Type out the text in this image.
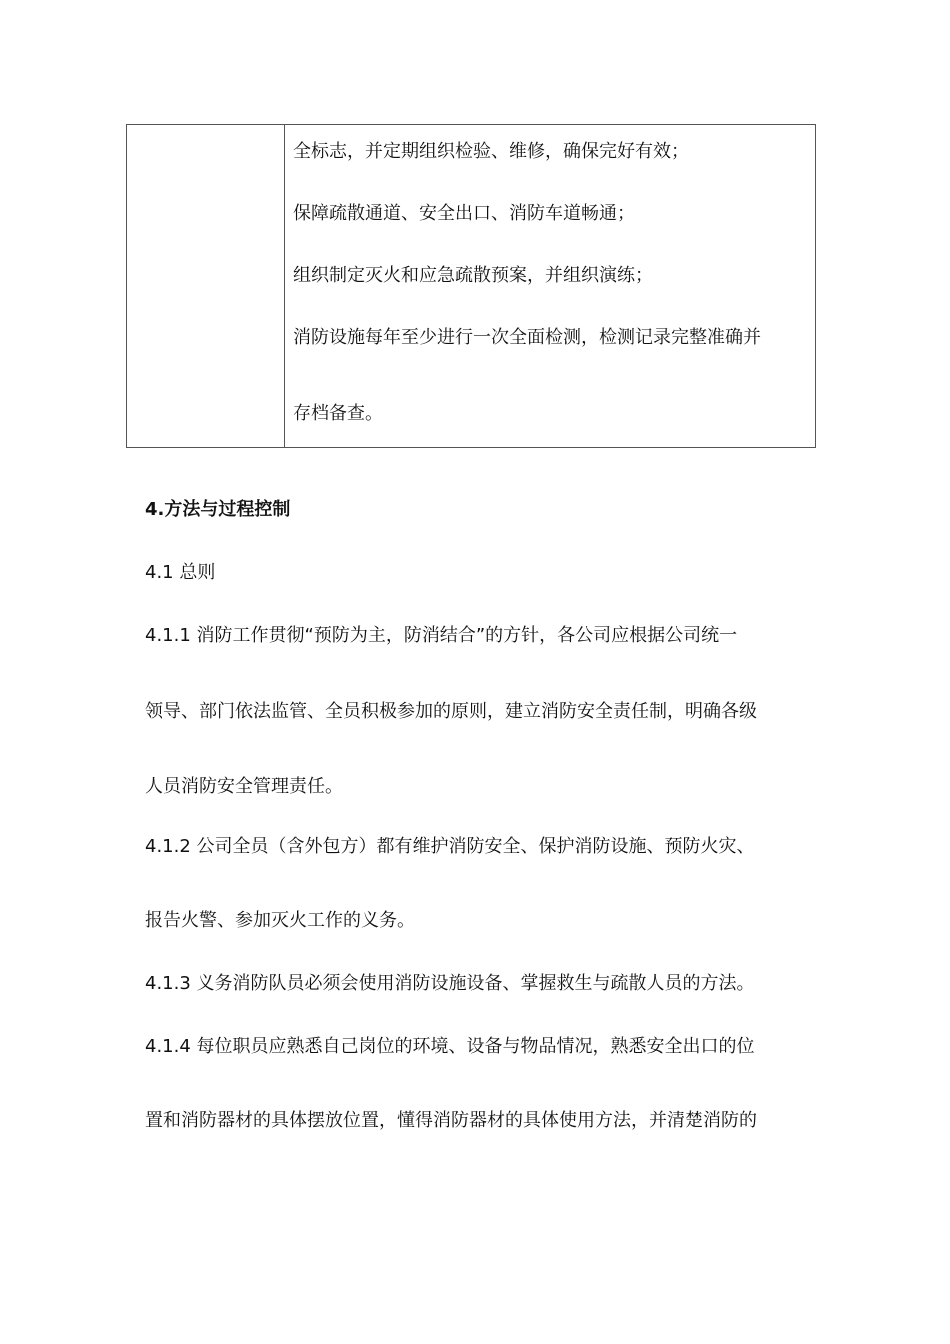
全标志，并定期组织检验、维修，确保完好有效；
保障疏散通道、安全出口、消防车道畅通；
组织制定灭火和应急疏散预案，并组织演练；
消防设施每年至少进行一次全面检测，检测记录完整准确并
存档备查。
4.方法与过程控制
4.1 总则
4.1.1 消防工作贯彻“预防为主，防消结合”的方针，各公司应根据公司统一
领导、部门依法监管、全员积极参加的原则，建立消防安全责任制，明确各级
人员消防安全管理责任。
4.1.2 公司全员（含外包方）都有维护消防安全、保护消防设施、预防火灾、
报告火警、参加灭火工作的义务。
4.1.3 义务消防队员必须会使用消防设施设备、掌握救生与疏散人员的方法。
4.1.4 每位职员应熟悉自己岗位的环境、设备与物品情况，熟悉安全出口的位
置和消防器材的具体摆放位置，懂得消防器材的具体使用方法，并清楚消防的
